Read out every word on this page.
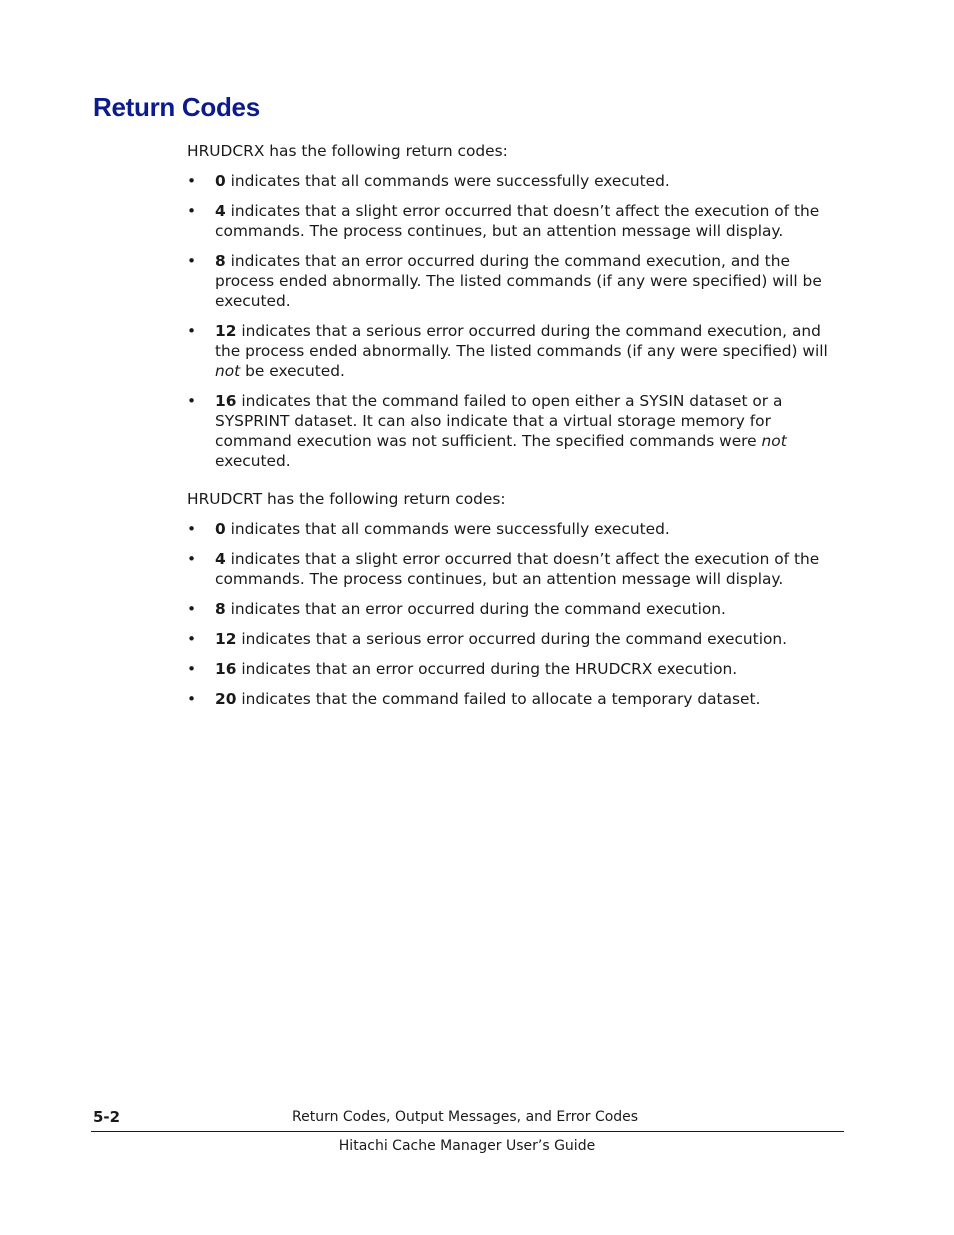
Return Codes

HRUDCRX has the following return codes:

• 0 indicates that all commands were successfully executed.
• 4 indicates that a slight error occurred that doesn’t affect the execution of the commands. The process continues, but an attention message will display.
• 8 indicates that an error occurred during the command execution, and the process ended abnormally. The listed commands (if any were specified) will be executed.
• 12 indicates that a serious error occurred during the command execution, and the process ended abnormally. The listed commands (if any were specified) will not be executed.
• 16 indicates that the command failed to open either a SYSIN dataset or a SYSPRINT dataset. It can also indicate that a virtual storage memory for command execution was not sufficient. The specified commands were not executed.

HRUDCRT has the following return codes:

• 0 indicates that all commands were successfully executed.
• 4 indicates that a slight error occurred that doesn’t affect the execution of the commands. The process continues, but an attention message will display.
• 8 indicates that an error occurred during the command execution.
• 12 indicates that a serious error occurred during the command execution.
• 16 indicates that an error occurred during the HRUDCRX execution.
• 20 indicates that the command failed to allocate a temporary dataset.
5-2	Return Codes, Output Messages, and Error Codes
Hitachi Cache Manager User’s Guide
